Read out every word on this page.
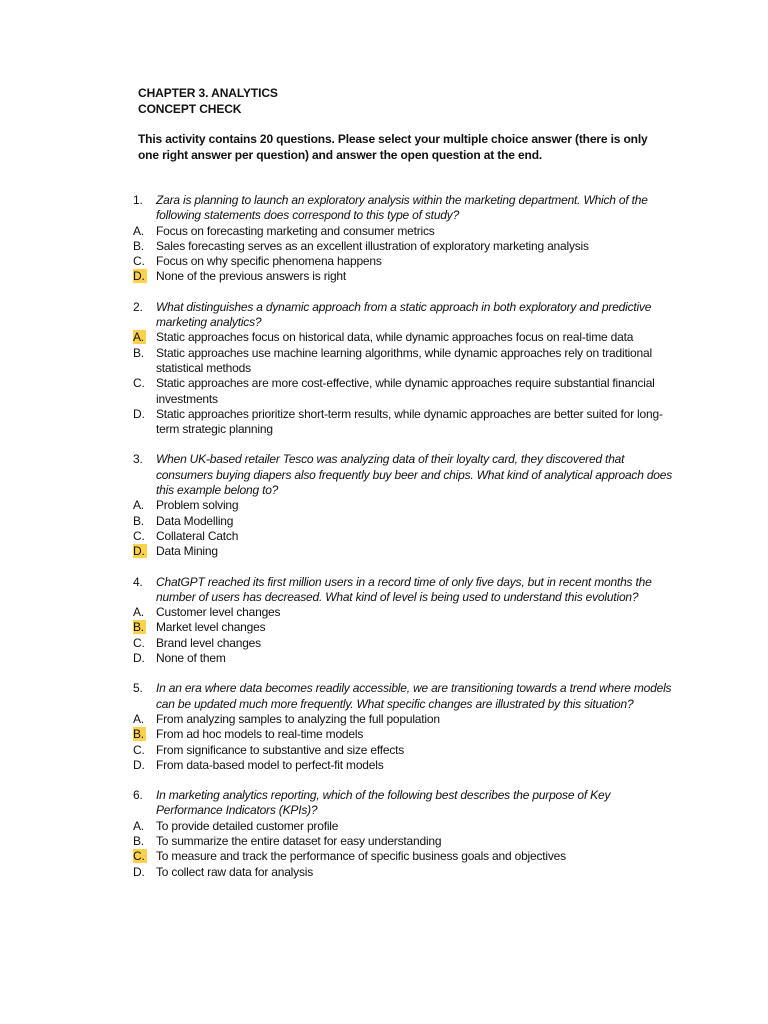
CHAPTER 3. ANALYTICS
CONCEPT CHECK
This activity contains 20 questions. Please select your multiple choice answer (there is only one right answer per question) and answer the open question at the end.
1.	Zara is planning to launch an exploratory analysis within the marketing department. Which of the following statements does correspond to this type of study?
A.	Focus on forecasting marketing and consumer metrics
B.	Sales forecasting serves as an excellent illustration of exploratory marketing analysis
C. Focus on why specific phenomena happens
D. None of the previous answers is right
2.	What distinguishes a dynamic approach from a static approach in both exploratory and predictive marketing analytics?
A.	Static approaches focus on historical data, while dynamic approaches focus on real-time data
B.	Static approaches use machine learning algorithms, while dynamic approaches rely on traditional statistical methods
C. Static approaches are more cost-effective, while dynamic approaches require substantial financial investments
D. Static approaches prioritize short-term results, while dynamic approaches are better suited for long-term strategic planning
3.	When UK-based retailer Tesco was analyzing data of their loyalty card, they discovered that consumers buying diapers also frequently buy beer and chips. What kind of analytical approach does this example belong to?
A.	Problem solving
B.	Data Modelling
C. Collateral Catch
D. Data Mining
4.	ChatGPT reached its first million users in a record time of only five days, but in recent months the number of users has decreased. What kind of level is being used to understand this evolution?
A.	Customer level changes
B.	Market level changes
C. Brand level changes
D. None of them
5.	In an era where data becomes readily accessible, we are transitioning towards a trend where models can be updated much more frequently. What specific changes are illustrated by this situation?
A.	From analyzing samples to analyzing the full population
B.	From ad hoc models to real-time models
C. From significance to substantive and size effects
D. From data-based model to perfect-fit models
6.	In marketing analytics reporting, which of the following best describes the purpose of Key Performance Indicators (KPIs)?
A.	To provide detailed customer profile
B.	To summarize the entire dataset for easy understanding
C. To measure and track the performance of specific business goals and objectives
D. To collect raw data for analysis
